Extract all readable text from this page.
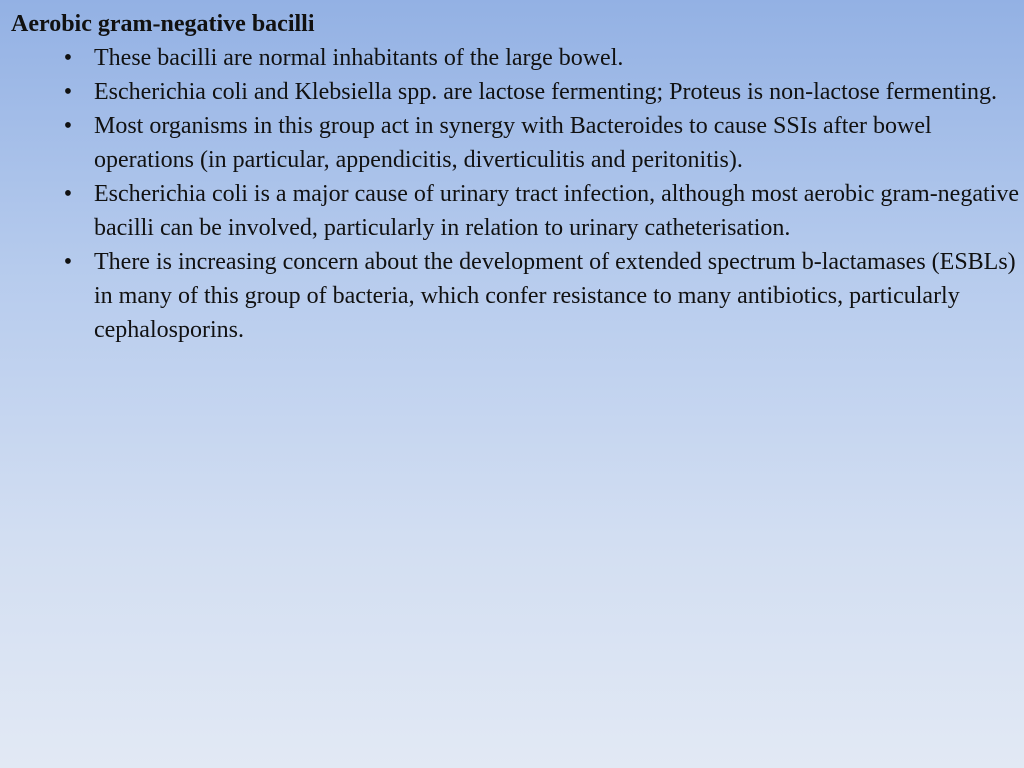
Aerobic gram-negative bacilli
• These bacilli are normal inhabitants of the large bowel.
• Escherichia coli and Klebsiella spp. are lactose fermenting; Proteus is non-lactose fermenting.
• Most organisms in this group act in synergy with Bacteroides to cause SSIs after bowel operations (in particular, appendicitis, diverticulitis and peritonitis).
• Escherichia coli is a major cause of urinary tract infection, although most aerobic gram-negative bacilli can be involved, particularly in relation to urinary catheterisation.
• There is increasing concern about the development of extended spectrum b-lactamases (ESBLs) in many of this group of bacteria, which confer resistance to many antibiotics, particularly cephalosporins.
